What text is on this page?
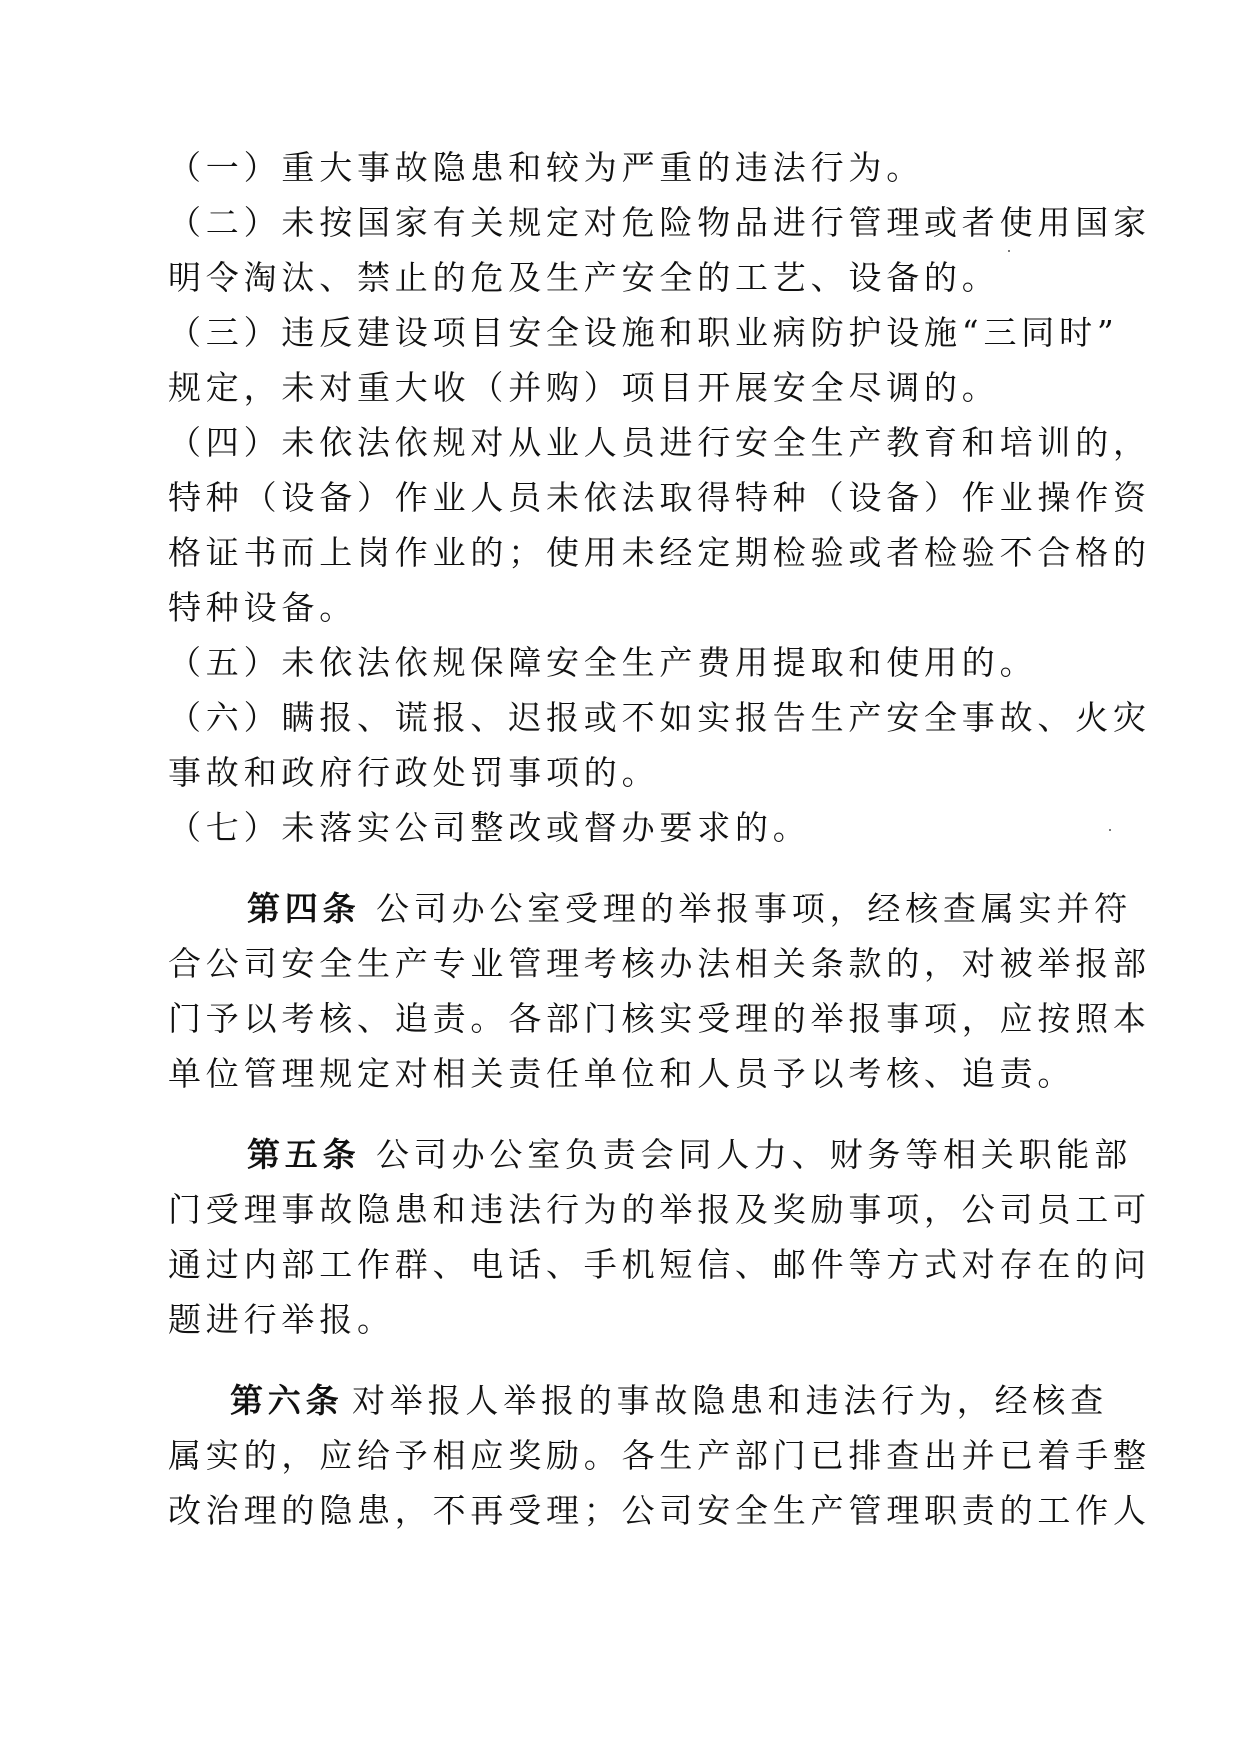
（一）重大事故隐患和较为严重的违法行为。
（二）未按国家有关规定对危险物品进行管理或者使用国家
明令淘汰、禁止的危及生产安全的工艺、设备的。
（三）违反建设项目安全设施和职业病防护设施“三同时”
规定，未对重大收（并购）项目开展安全尽调的。
（四）未依法依规对从业人员进行安全生产教育和培训的，
特种（设备）作业人员未依法取得特种（设备）作业操作资
格证书而上岗作业的；使用未经定期检验或者检验不合格的
特种设备。
（五）未依法依规保障安全生产费用提取和使用的。
（六）瞒报、谎报、迟报或不如实报告生产安全事故、火灾
事故和政府行政处罚事项的。
（七）未落实公司整改或督办要求的。
第四条 公司办公室受理的举报事项，经核查属实并符
合公司安全生产专业管理考核办法相关条款的，对被举报部
门予以考核、追责。各部门核实受理的举报事项，应按照本
单位管理规定对相关责任单位和人员予以考核、追责。
第五条 公司办公室负责会同人力、财务等相关职能部
门受理事故隐患和违法行为的举报及奖励事项，公司员工可
通过内部工作群、电话、手机短信、邮件等方式对存在的问
题进行举报。
第六条 对举报人举报的事故隐患和违法行为，经核查
属实的，应给予相应奖励。各生产部门已排查出并已着手整
改治理的隐患，不再受理；公司安全生产管理职责的工作人
